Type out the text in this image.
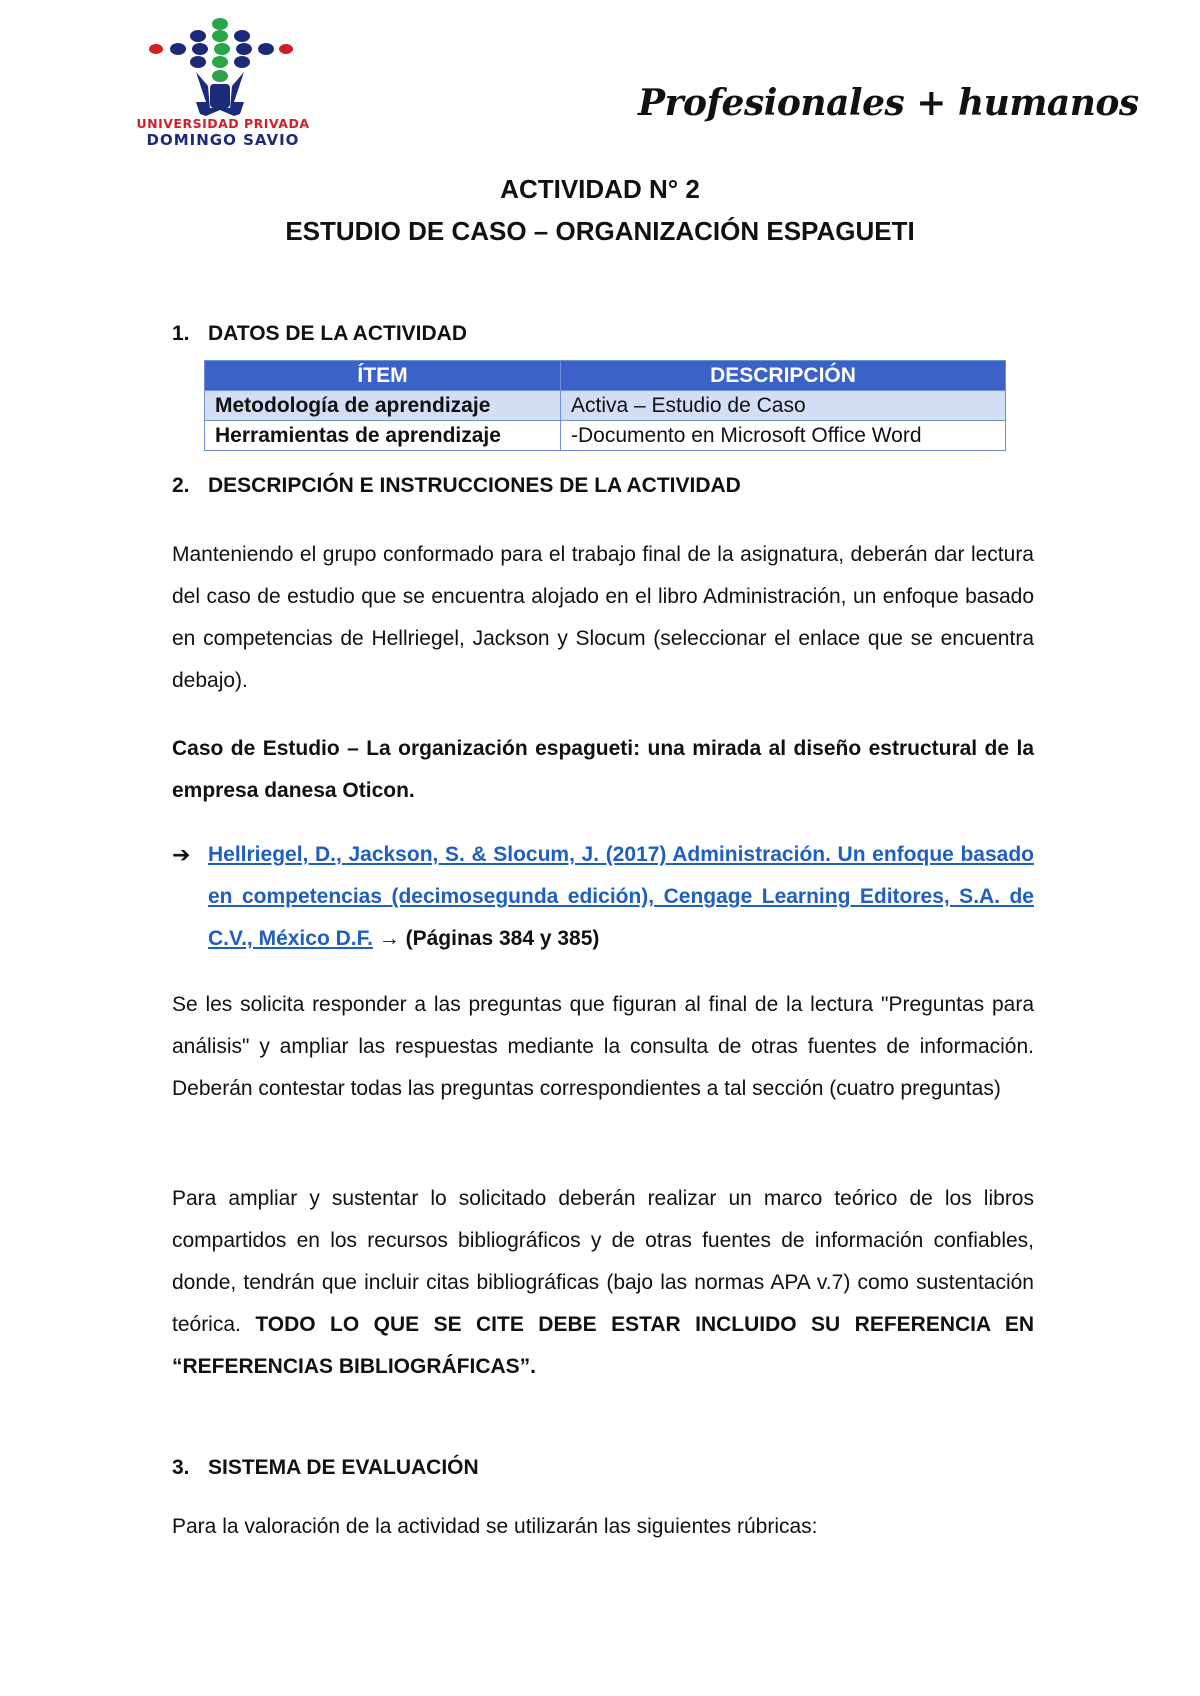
UNIVERSIDAD PRIVADA
DOMINGO SAVIO
Profesionales + humanos
ACTIVIDAD N° 2
ESTUDIO DE CASO – ORGANIZACIÓN ESPAGUETI
1. DATOS DE LA ACTIVIDAD
ÍTEM	DESCRIPCIÓN
Metodología de aprendizaje	Activa – Estudio de Caso
Herramientas de aprendizaje	-Documento en Microsoft Office Word
2. DESCRIPCIÓN E INSTRUCCIONES DE LA ACTIVIDAD
Manteniendo el grupo conformado para el trabajo final de la asignatura, deberán dar lectura del caso de estudio que se encuentra alojado en el libro Administración, un enfoque basado en competencias de Hellriegel, Jackson y Slocum (seleccionar el enlace que se encuentra debajo).
Caso de Estudio – La organización espagueti: una mirada al diseño estructural de la empresa danesa Oticon.
➔ Hellriegel, D., Jackson, S. & Slocum, J. (2017) Administración. Un enfoque basado en competencias (decimosegunda edición), Cengage Learning Editores, S.A. de C.V., México D.F. → (Páginas 384 y 385)
Se les solicita responder a las preguntas que figuran al final de la lectura "Preguntas para análisis" y ampliar las respuestas mediante la consulta de otras fuentes de información. Deberán contestar todas las preguntas correspondientes a tal sección (cuatro preguntas)
Para ampliar y sustentar lo solicitado deberán realizar un marco teórico de los libros compartidos en los recursos bibliográficos y de otras fuentes de información confiables, donde, tendrán que incluir citas bibliográficas (bajo las normas APA v.7) como sustentación teórica. TODO LO QUE SE CITE DEBE ESTAR INCLUIDO SU REFERENCIA EN “REFERENCIAS BIBLIOGRÁFICAS”.
3. SISTEMA DE EVALUACIÓN
Para la valoración de la actividad se utilizarán las siguientes rúbricas:
